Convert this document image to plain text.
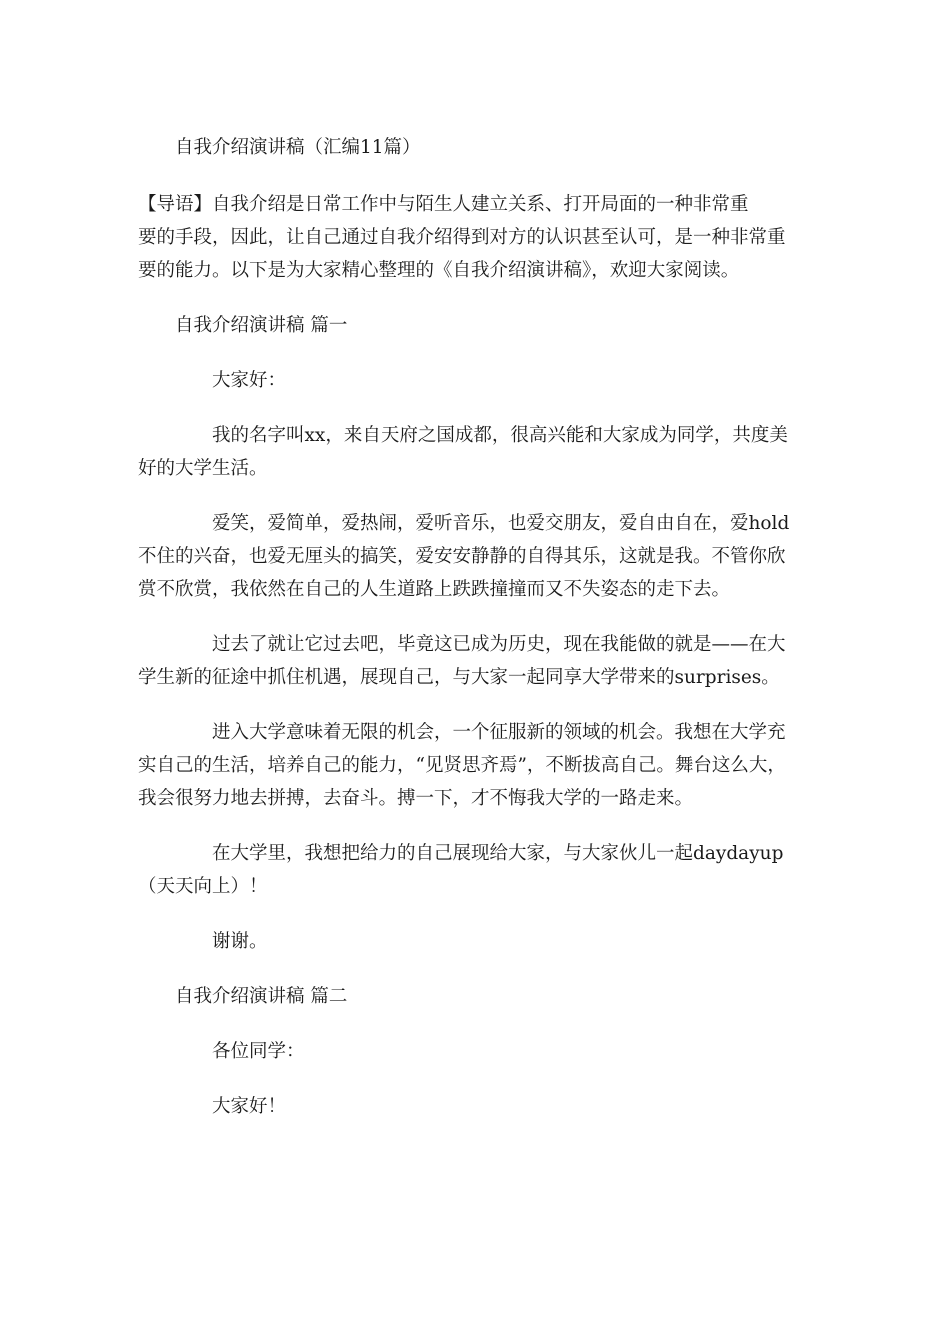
自我介绍演讲稿（汇编11篇）
【导语】自我介绍是日常工作中与陌生人建立关系、打开局面的一种非常重
要的手段，因此，让自己通过自我介绍得到对方的认识甚至认可，是一种非常重
要的能力。以下是为大家精心整理的《自我介绍演讲稿》，欢迎大家阅读。
自我介绍演讲稿 篇一
大家好：
我的名字叫xx，来自天府之国成都，很高兴能和大家成为同学，共度美
好的大学生活。
爱笑，爱简单，爱热闹，爱听音乐，也爱交朋友，爱自由自在，爱hold
不住的兴奋，也爱无厘头的搞笑，爱安安静静的自得其乐，这就是我。不管你欣
赏不欣赏，我依然在自己的人生道路上跌跌撞撞而又不失姿态的走下去。
过去了就让它过去吧，毕竟这已成为历史，现在我能做的就是——在大
学生新的征途中抓住机遇，展现自己，与大家一起同享大学带来的surprises。
进入大学意味着无限的机会，一个征服新的领域的机会。我想在大学充
实自己的生活，培养自己的能力，“见贤思齐焉”，不断拔高自己。舞台这么大，
我会很努力地去拼搏，去奋斗。搏一下，才不悔我大学的一路走来。
在大学里，我想把给力的自己展现给大家，与大家伙儿一起daydayup
（天天向上）！
谢谢。
自我介绍演讲稿 篇二
各位同学：
大家好！
